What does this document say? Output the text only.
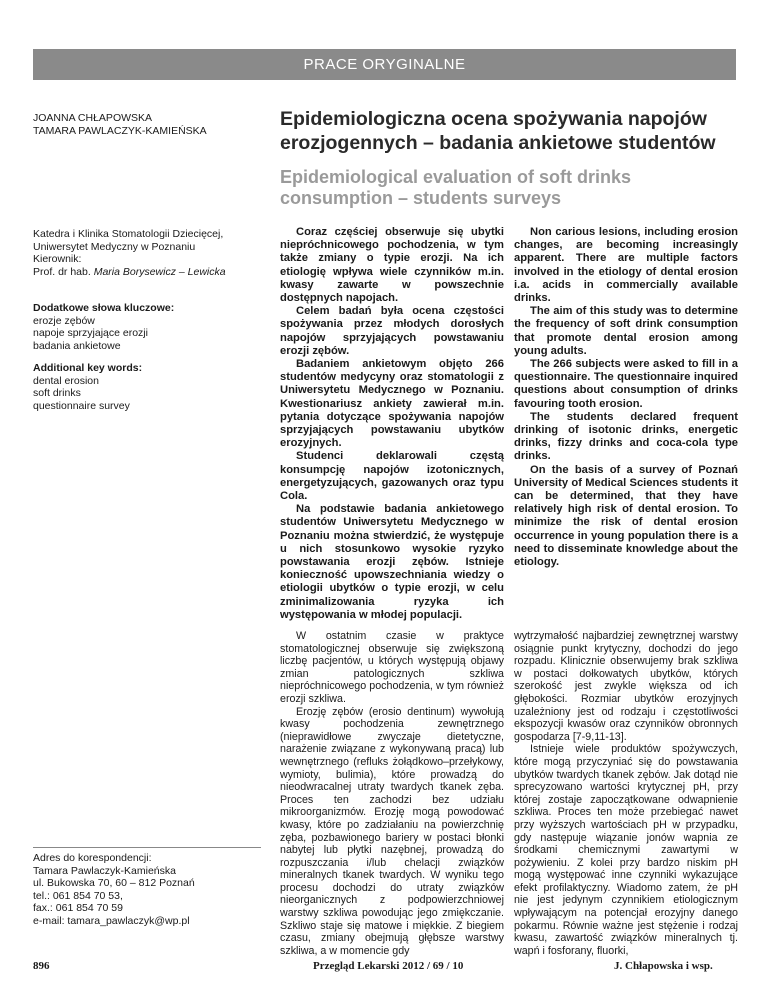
PRACE ORYGINALNE
JOANNA CHŁAPOWSKA
TAMARA PAWLACZYK-KAMIEŃSKA
Epidemiologiczna ocena spożywania napojów erozjogennych – badania ankietowe studentów
Epidemiological evaluation of soft drinks consumption – students surveys
Katedra i Klinika Stomatologii Dziecięcej,
Uniwersytet Medyczny w Poznaniu
Kierownik:
Prof. dr hab. Maria Borysewicz – Lewicka
Dodatkowe słowa kluczowe:
erozje zębów
napoje sprzyjające erozji
badania ankietowe
Additional key words:
dental erosion
soft drinks
questionnaire survey
Adres do korespondencji:
Tamara Pawlaczyk-Kamieńska
ul. Bukowska 70, 60 – 812 Poznań
tel.: 061 854 70 53,
fax.: 061 854 70 59
e-mail: tamara_pawlaczyk@wp.pl

Coraz częściej obserwuje się ubytki niepróchnicowego pochodzenia, w tym także zmiany o typie erozji. Na ich etiologię wpływa wiele czynników m.in. kwasy zawarte w powszechnie dostępnych napojach.

Celem badań była ocena częstości spożywania przez młodych dorosłych napojów sprzyjających powstawaniu erozji zębów.

Badaniem ankietowym objęto 266 studentów medycyny oraz stomatologii z Uniwersytetu Medycznego w Poznaniu. Kwestionariusz ankiety zawierał m.in. pytania dotyczące spożywania napojów sprzyjających powstawaniu ubytków erozyjnych.

Studenci deklarowali częstą konsumpcję napojów izotonicznych, energetyzujących, gazowanych oraz typu Cola.

Na podstawie badania ankietowego studentów Uniwersytetu Medycznego w Poznaniu można stwierdzić, że występuje u nich stosunkowo wysokie ryzyko powstawania erozji zębów. Istnieje konieczność upowszechniania wiedzy o etiologii ubytków o typie erozji, w celu zminimalizowania ryzyka ich występowania w młodej populacji.

Non carious lesions, including erosion changes, are becoming increasingly apparent. There are multiple factors involved in the etiology of dental erosion i.a. acids in commercially available drinks.

The aim of this study was to determine the frequency of soft drink consumption that promote dental erosion among young adults.

The 266 subjects were asked to fill in a questionnaire. The questionnaire inquired questions about consumption of drinks favouring tooth erosion.

The students declared frequent drinking of isotonic drinks, energetic drinks, fizzy drinks and coca-cola type drinks.

On the basis of a survey of Poznań University of Medical Sciences students it can be determined, that they have relatively high risk of dental erosion. To minimize the risk of dental erosion occurrence in young population there is a need to disseminate knowledge about the etiology.

W ostatnim czasie w praktyce stomatologicznej obserwuje się zwiększoną liczbę pacjentów, u których występują objawy zmian patologicznych szkliwa niepróchnicowego pochodzenia, w tym również erozji szkliwa.

Erozję zębów (erosio dentinum) wywołują kwasy pochodzenia zewnętrznego (nieprawidłowe zwyczaje dietetyczne, narażenie związane z wykonywaną pracą) lub wewnętrznego (refluks żołądkowo–przełykowy, wymioty, bulimia), które prowadzą do nieodwracalnej utraty twardych tkanek zęba. Proces ten zachodzi bez udziału mikroorganizmów. Erozję mogą powodować kwasy, które po zadziałaniu na powierzchnię zęba, pozbawionego bariery w postaci błonki nabytej lub płytki nazębnej, prowadzą do rozpuszczania i/lub chelacji związków mineralnych tkanek twardych. W wyniku tego procesu dochodzi do utraty związków nieorganicznych z podpowierzchniowej warstwy szkliwa powodując jego zmiękczanie. Szkliwo staje się matowe i miękkie. Z biegiem czasu, zmiany obejmują głębsze warstwy szkliwa, a w momencie gdy

wytrzymałość najbardziej zewnętrznej warstwy osiągnie punkt krytyczny, dochodzi do jego rozpadu. Klinicznie obserwujemy brak szkliwa w postaci dołkowatych ubytków, których szerokość jest zwykle większa od ich głębokości. Rozmiar ubytków erozyjnych uzależniony jest od rodzaju i częstotliwości ekspozycji kwasów oraz czynników obronnych gospodarza [7-9,11-13].

Istnieje wiele produktów spożywczych, które mogą przyczyniać się do powstawania ubytków twardych tkanek zębów. Jak dotąd nie sprecyzowano wartości krytycznej pH, przy której zostaje zapoczątkowane odwapnienie szkliwa. Proces ten może przebiegać nawet przy wyższych wartościach pH w przypadku, gdy następuje wiązanie jonów wapnia ze środkami chemicznymi zawartymi w pożywieniu. Z kolei przy bardzo niskim pH mogą występować inne czynniki wykazujące efekt profilaktyczny. Wiadomo zatem, że pH nie jest jedynym czynnikiem etiologicznym wpływającym na potencjał erozyjny danego pokarmu. Równie ważne jest stężenie i rodzaj kwasu, zawartość związków mineralnych tj. wapń i fosforany, fluorki,

896	Przegląd Lekarski 2012 / 69 / 10	J. Chłapowska i wsp.
